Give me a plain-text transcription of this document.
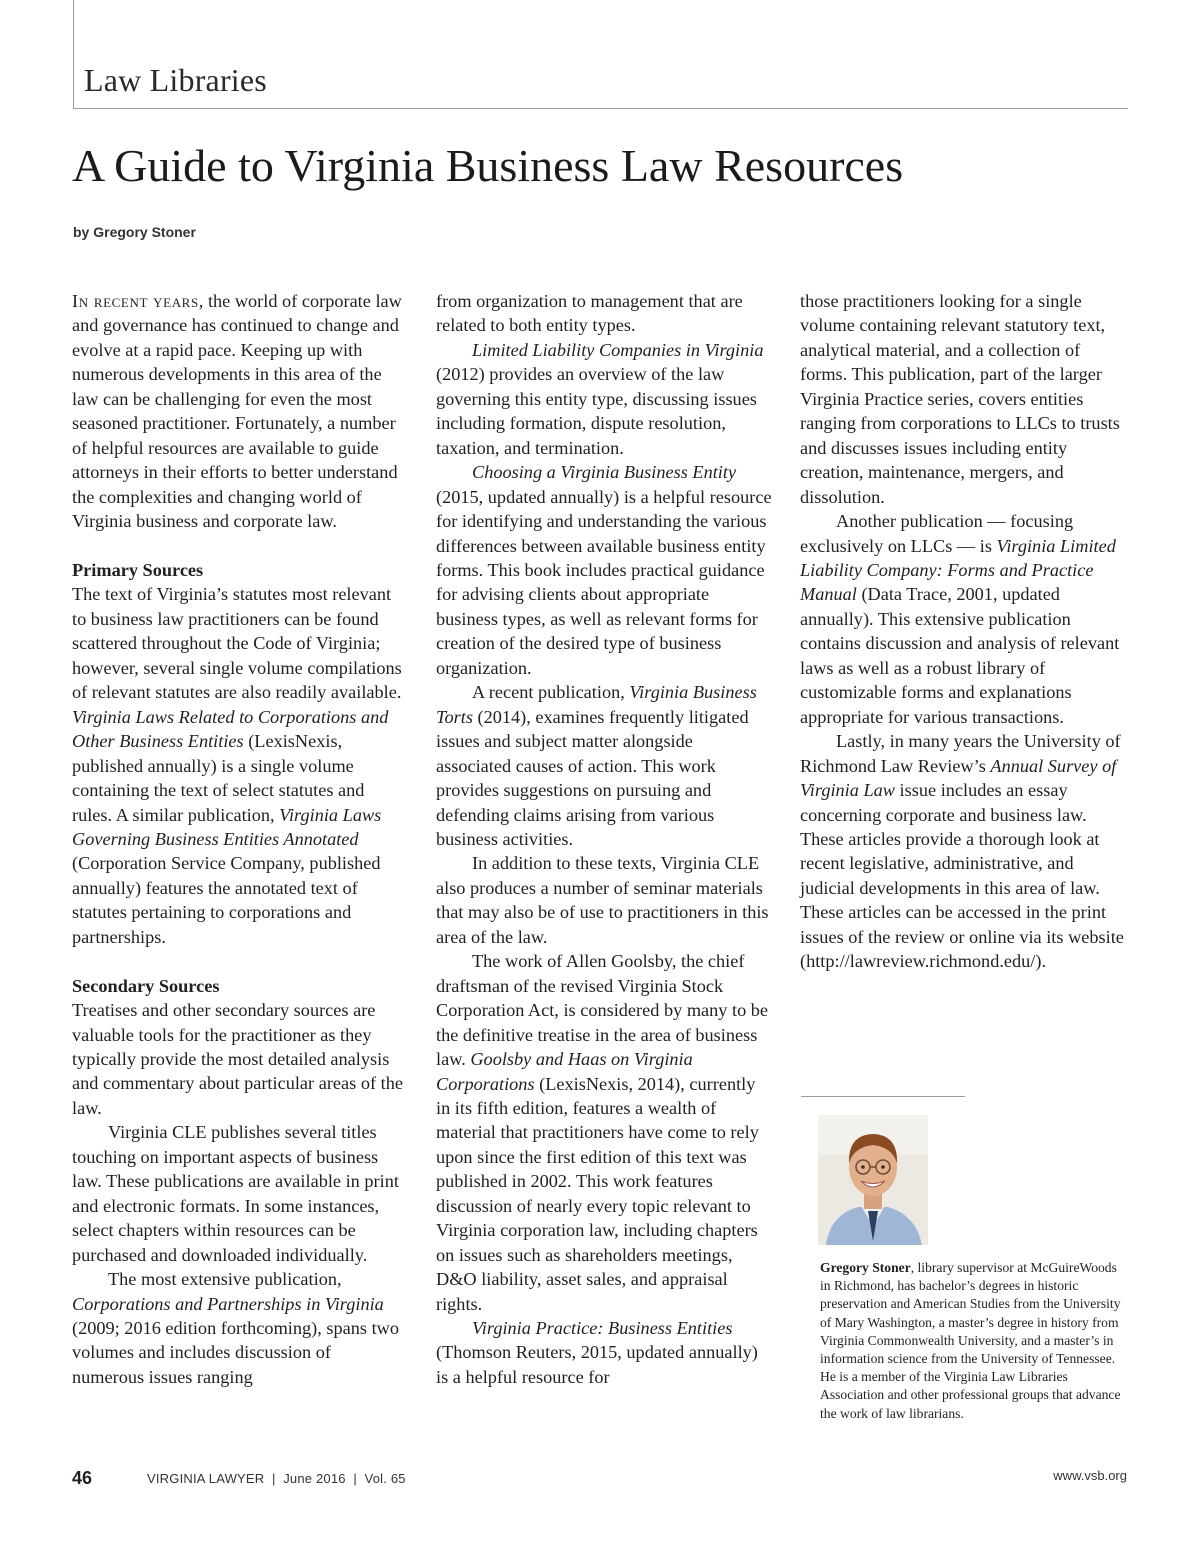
Law Libraries
A Guide to Virginia Business Law Resources
by Gregory Stoner

In recent years, the world of corporate law and governance has continued to change and evolve at a rapid pace. Keeping up with numerous developments in this area of the law can be challenging for even the most seasoned practitioner. Fortunately, a number of helpful resources are available to guide attorneys in their efforts to better understand the complexities and changing world of Virginia business and corporate law.

Primary Sources

The text of Virginia’s statutes most relevant to business law practitioners can be found scattered throughout the Code of Virginia; however, several single volume compilations of relevant statutes are also readily available. Virginia Laws Related to Corporations and Other Business Entities (LexisNexis, published annually) is a single volume containing the text of select statutes and rules. A similar publication, Virginia Laws Governing Business Entities Annotated (Corporation Service Company, published annually) features the annotated text of statutes pertaining to corporations and partnerships.

Secondary Sources

Treatises and other secondary sources are valuable tools for the practitioner as they typically provide the most detailed analysis and commentary about particular areas of the law.

Virginia CLE publishes several titles touching on important aspects of business law. These publications are available in print and electronic formats. In some instances, select chapters within resources can be purchased and downloaded individually.

The most extensive publication, Corporations and Partnerships in Virginia (2009; 2016 edition forthcoming), spans two volumes and includes discussion of numerous issues ranging

from organization to management that are related to both entity types.

Limited Liability Companies in Virginia (2012) provides an overview of the law governing this entity type, discussing issues including formation, dispute resolution, taxation, and termination.

Choosing a Virginia Business Entity (2015, updated annually) is a helpful resource for identifying and understanding the various differences between available business entity forms. This book includes practical guidance for advising clients about appropriate business types, as well as relevant forms for creation of the desired type of business organization.

A recent publication, Virginia Business Torts (2014), examines frequently litigated issues and subject matter alongside associated causes of action. This work provides suggestions on pursuing and defending claims arising from various business activities.

In addition to these texts, Virginia CLE also produces a number of seminar materials that may also be of use to practitioners in this area of the law.

The work of Allen Goolsby, the chief draftsman of the revised Virginia Stock Corporation Act, is considered by many to be the definitive treatise in the area of business law. Goolsby and Haas on Virginia Corporations (LexisNexis, 2014), currently in its fifth edition, features a wealth of material that practitioners have come to rely upon since the first edition of this text was published in 2002. This work features discussion of nearly every topic relevant to Virginia corporation law, including chapters on issues such as shareholders meetings, D&O liability, asset sales, and appraisal rights.

Virginia Practice: Business Entities (Thomson Reuters, 2015, updated annually) is a helpful resource for

those practitioners looking for a single volume containing relevant statutory text, analytical material, and a collection of forms. This publication, part of the larger Virginia Practice series, covers entities ranging from corporations to LLCs to trusts and discusses issues including entity creation, maintenance, mergers, and dissolution.

Another publication — focusing exclusively on LLCs — is Virginia Limited Liability Company: Forms and Practice Manual (Data Trace, 2001, updated annually). This extensive publication contains discussion and analysis of relevant laws as well as a robust library of customizable forms and explanations appropriate for various transactions.

Lastly, in many years the University of Richmond Law Review’s Annual Survey of Virginia Law issue includes an essay concerning corporate and business law. These articles provide a thorough look at recent legislative, administrative, and judicial developments in this area of law. These articles can be accessed in the print issues of the review or online via its website (http://lawreview.richmond.edu/).

Gregory Stoner, library supervisor at McGuireWoods in Richmond, has bachelor’s degrees in historic preservation and American Studies from the University of Mary Washington, a master’s degree in history from Virginia Commonwealth University, and a master’s in information science from the University of Tennessee. He is a member of the Virginia Law Libraries Association and other professional groups that advance the work of law librarians.

46	VIRGINIA LAWYER  |  June 2016  |  Vol. 65	www.vsb.org
